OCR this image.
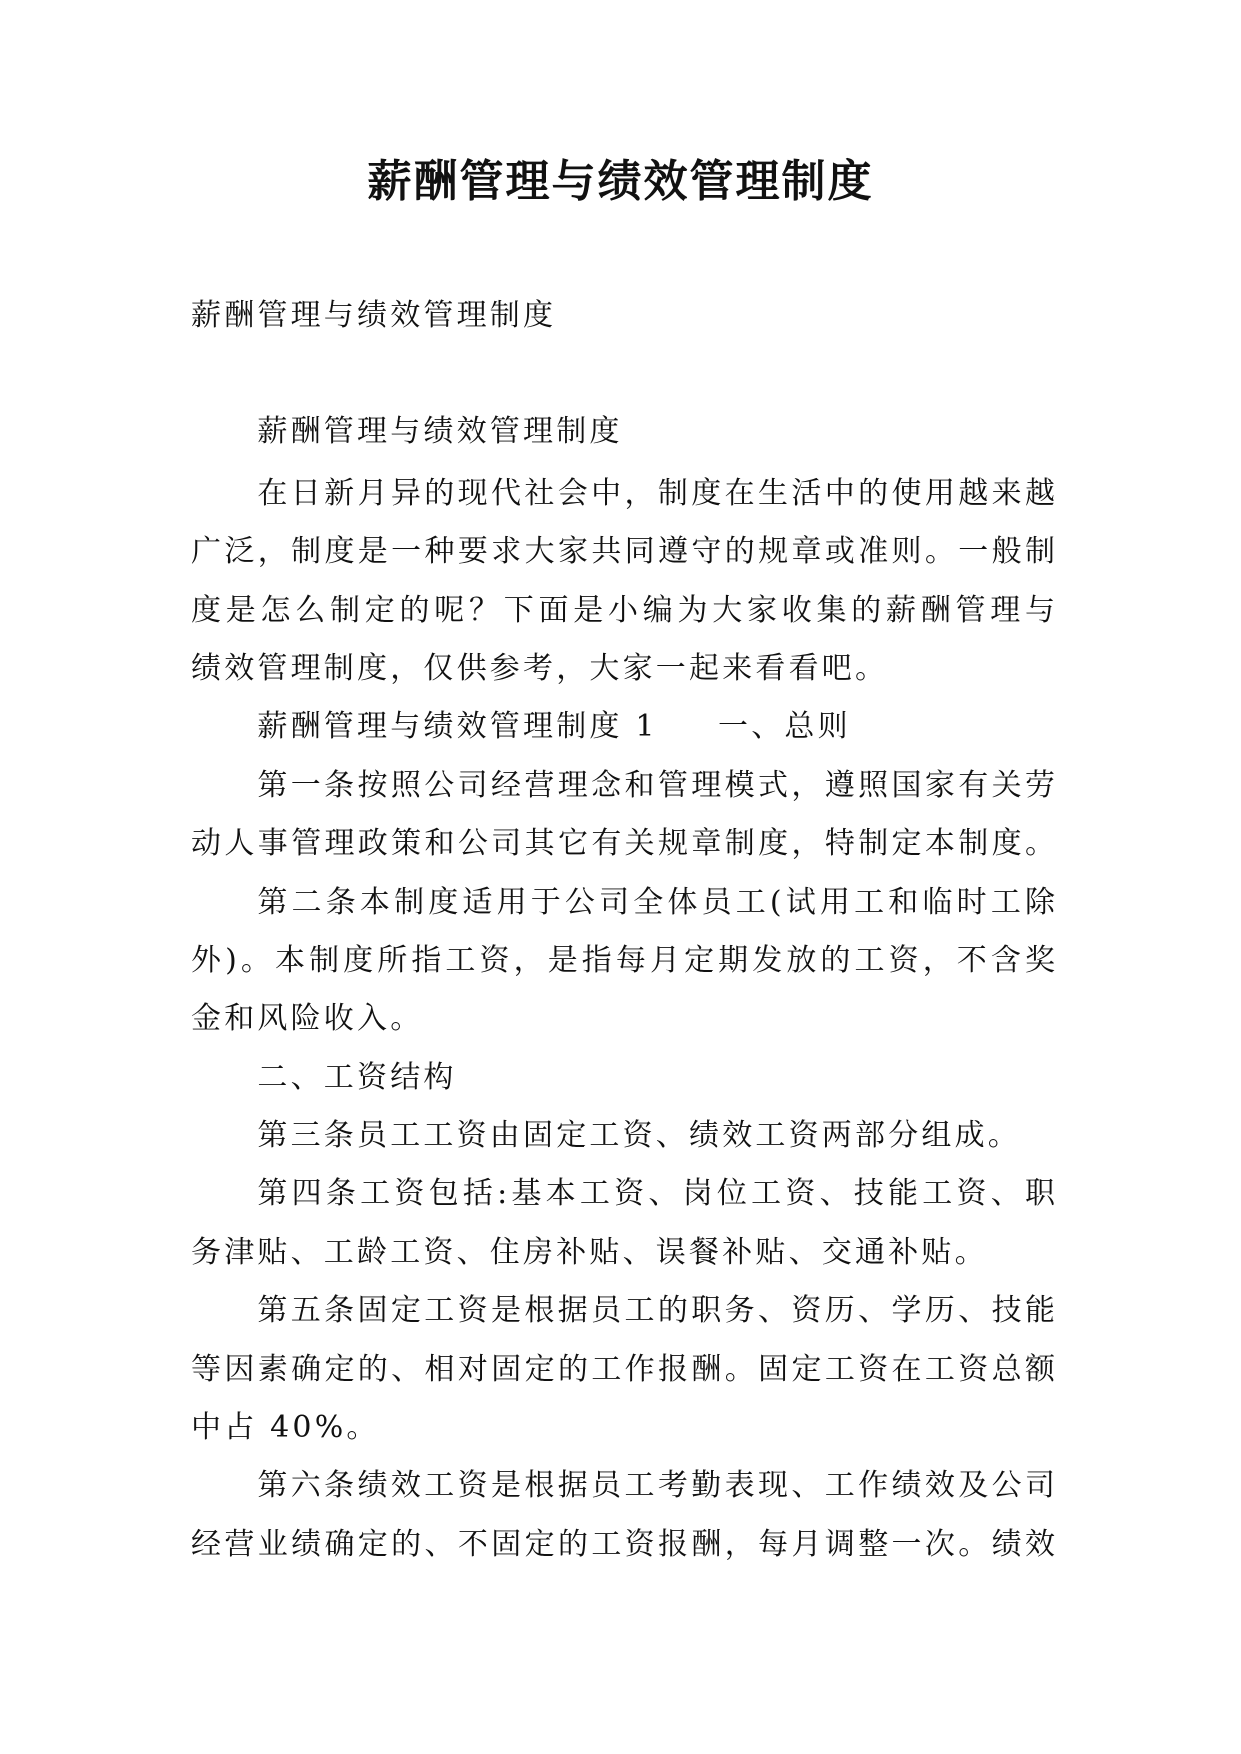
薪酬管理与绩效管理制度
薪酬管理与绩效管理制度
薪酬管理与绩效管理制度
在日新月异的现代社会中，制度在生活中的使用越来越
广泛，制度是一种要求大家共同遵守的规章或准则。一般制
度是怎么制定的呢？下面是小编为大家收集的薪酬管理与
绩效管理制度，仅供参考，大家一起来看看吧。
薪酬管理与绩效管理制度 1 一、总则
第一条按照公司经营理念和管理模式，遵照国家有关劳
动人事管理政策和公司其它有关规章制度，特制定本制度。
第二条本制度适用于公司全体员工(试用工和临时工除
外)。本制度所指工资，是指每月定期发放的工资，不含奖
金和风险收入。
二、工资结构
第三条员工工资由固定工资、绩效工资两部分组成。
第四条工资包括:基本工资、岗位工资、技能工资、职
务津贴、工龄工资、住房补贴、误餐补贴、交通补贴。
第五条固定工资是根据员工的职务、资历、学历、技能
等因素确定的、相对固定的工作报酬。固定工资在工资总额
中占 40%。
第六条绩效工资是根据员工考勤表现、工作绩效及公司
经营业绩确定的、不固定的工资报酬，每月调整一次。绩效
